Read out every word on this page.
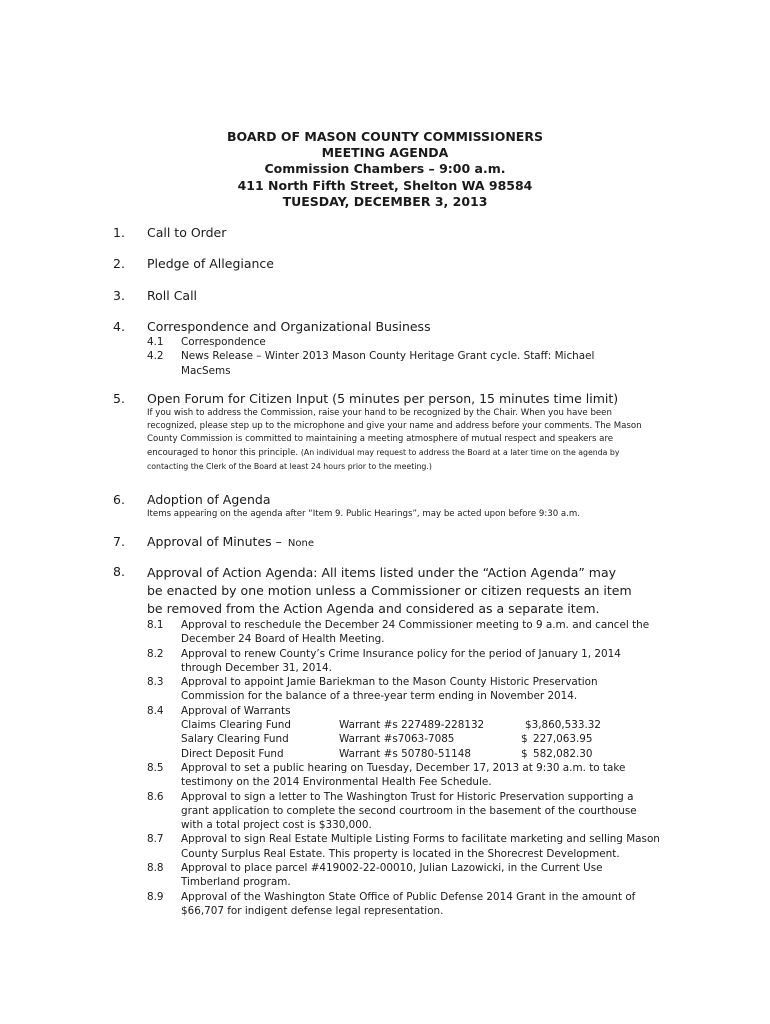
BOARD OF MASON COUNTY COMMISSIONERS
MEETING AGENDA
Commission Chambers – 9:00 a.m.
411 North Fifth Street, Shelton WA 98584
TUESDAY, DECEMBER 3, 2013
1. Call to Order
2. Pledge of Allegiance
3. Roll Call
4. Correspondence and Organizational Business
4.1 Correspondence
4.2 News Release – Winter 2013 Mason County Heritage Grant cycle. Staff: Michael MacSems
5. Open Forum for Citizen Input (5 minutes per person, 15 minutes time limit)
If you wish to address the Commission, raise your hand to be recognized by the Chair. When you have been recognized, please step up to the microphone and give your name and address before your comments. The Mason County Commission is committed to maintaining a meeting atmosphere of mutual respect and speakers are encouraged to honor this principle. (An individual may request to address the Board at a later time on the agenda by contacting the Clerk of the Board at least 24 hours prior to the meeting.)
6. Adoption of Agenda
Items appearing on the agenda after “Item 9. Public Hearings”, may be acted upon before 9:30 a.m.
7. Approval of Minutes – None
8. Approval of Action Agenda: All items listed under the “Action Agenda” may be enacted by one motion unless a Commissioner or citizen requests an item be removed from the Action Agenda and considered as a separate item.
8.1 Approval to reschedule the December 24 Commissioner meeting to 9 a.m. and cancel the December 24 Board of Health Meeting.
8.2 Approval to renew County’s Crime Insurance policy for the period of January 1, 2014 through December 31, 2014.
8.3 Approval to appoint Jamie Bariekman to the Mason County Historic Preservation Commission for the balance of a three-year term ending in November 2014.
8.4 Approval of Warrants
Claims Clearing Fund	Warrant #s 227489-228132	$3,860,533.32
Salary Clearing Fund	Warrant #s7063-7085	$ 227,063.95
Direct Deposit Fund	Warrant #s 50780-51148	$ 582,082.30
8.5 Approval to set a public hearing on Tuesday, December 17, 2013 at 9:30 a.m. to take testimony on the 2014 Environmental Health Fee Schedule.
8.6 Approval to sign a letter to The Washington Trust for Historic Preservation supporting a grant application to complete the second courtroom in the basement of the courthouse with a total project cost is $330,000.
8.7 Approval to sign Real Estate Multiple Listing Forms to facilitate marketing and selling Mason County Surplus Real Estate. This property is located in the Shorecrest Development.
8.8 Approval to place parcel #419002-22-00010, Julian Lazowicki, in the Current Use Timberland program.
8.9 Approval of the Washington State Office of Public Defense 2014 Grant in the amount of $66,707 for indigent defense legal representation.
